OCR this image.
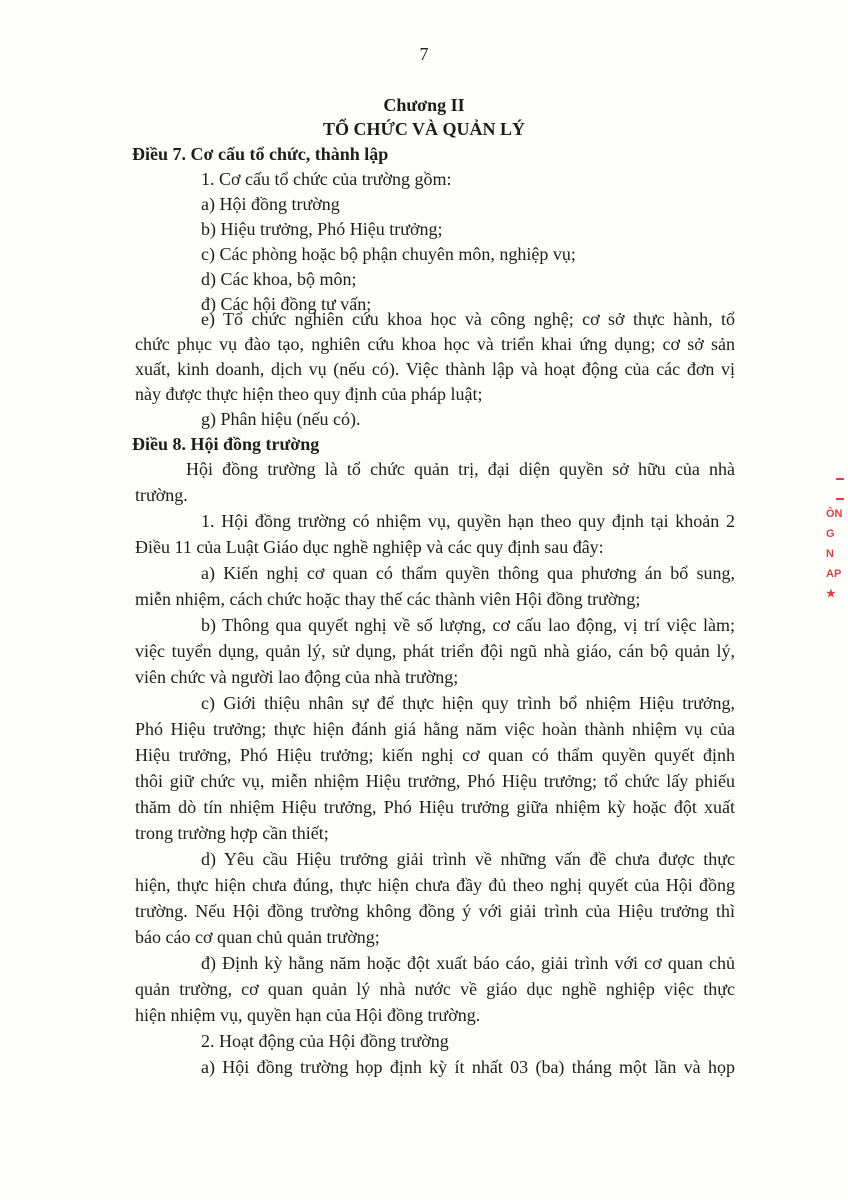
7
Chương II
TỔ CHỨC VÀ QUẢN LÝ
Điều 7. Cơ cấu tổ chức, thành lập
1. Cơ cấu tổ chức của trường gồm:
a) Hội đồng trường
b) Hiệu trưởng, Phó Hiệu trưởng;
c) Các phòng hoặc bộ phận chuyên môn, nghiệp vụ;
d) Các khoa, bộ môn;
đ) Các hội đồng tư vấn;
e) Tổ chức nghiên cứu khoa học và công nghệ; cơ sở thực hành, tổ
chức phục vụ đào tạo, nghiên cứu khoa học và triển khai ứng dụng; cơ sở sản
xuất, kinh doanh, dịch vụ (nếu có). Việc thành lập và hoạt động của các đơn vị
này được thực hiện theo quy định của pháp luật;
g) Phân hiệu (nếu có).
Điều 8. Hội đồng trường
Hội đồng trường là tổ chức quản trị, đại diện quyền sở hữu của nhà
trường.
1. Hội đồng trường có nhiệm vụ, quyền hạn theo quy định tại khoản 2
Điều 11 của Luật Giáo dục nghề nghiệp và các quy định sau đây:
a) Kiến nghị cơ quan có thẩm quyền thông qua phương án bổ sung,
miễn nhiệm, cách chức hoặc thay thế các thành viên Hội đồng trường;
b) Thông qua quyết nghị về số lượng, cơ cấu lao động, vị trí việc làm;
việc tuyển dụng, quản lý, sử dụng, phát triển đội ngũ nhà giáo, cán bộ quản lý,
viên chức và người lao động của nhà trường;
c) Giới thiệu nhân sự để thực hiện quy trình bổ nhiệm Hiệu trưởng,
Phó Hiệu trưởng; thực hiện đánh giá hằng năm việc hoàn thành nhiệm vụ của
Hiệu trưởng, Phó Hiệu trưởng; kiến nghị cơ quan có thẩm quyền quyết định
thôi giữ chức vụ, miễn nhiệm Hiệu trưởng, Phó Hiệu trưởng; tổ chức lấy phiếu
thăm dò tín nhiệm Hiệu trưởng, Phó Hiệu trưởng giữa nhiệm kỳ hoặc đột xuất
trong trường hợp cần thiết;
d) Yêu cầu Hiệu trưởng giải trình về những vấn đề chưa được thực
hiện, thực hiện chưa đúng, thực hiện chưa đầy đủ theo nghị quyết của Hội đồng
trường. Nếu Hội đồng trường không đồng ý với giải trình của Hiệu trưởng thì
báo cáo cơ quan chủ quản trường;
đ) Định kỳ hằng năm hoặc đột xuất báo cáo, giải trình với cơ quan chủ
quản trường, cơ quan quản lý nhà nước về giáo dục nghề nghiệp việc thực
hiện nhiệm vụ, quyền hạn của Hội đồng trường.
2. Hoạt động của Hội đồng trường
a) Hội đồng trường họp định kỳ ít nhất 03 (ba) tháng một lần và họp
ÔN
G
N
AP
★
